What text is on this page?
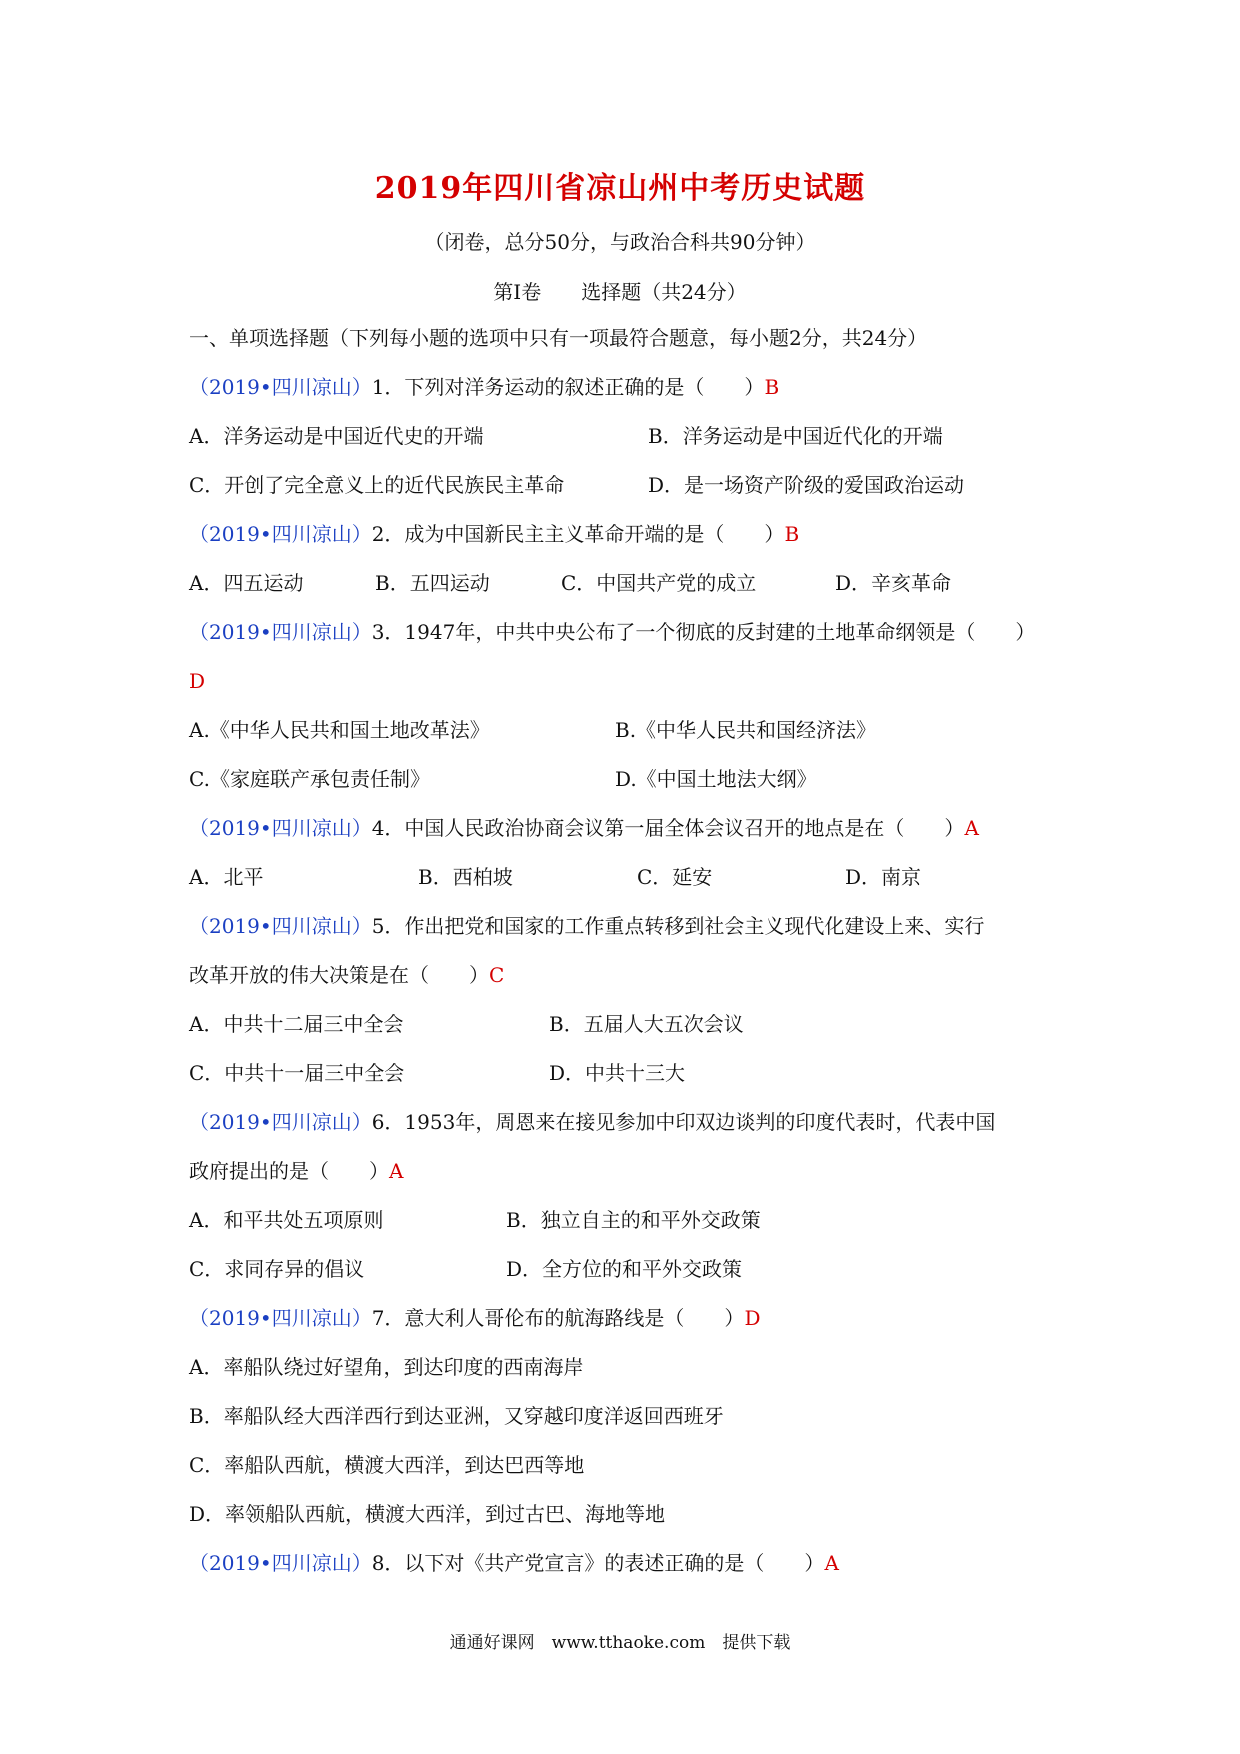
2019年四川省凉山州中考历史试题
（闭卷，总分50分，与政治合科共90分钟）
第Ⅰ卷　　选择题（共24分）
一、单项选择题（下列每小题的选项中只有一项最符合题意，每小题2分，共24分）
（2019•四川凉山）1．下列对洋务运动的叙述正确的是（　　）B
A．洋务运动是中国近代史的开端	B．洋务运动是中国近代化的开端
C．开创了完全意义上的近代民族民主革命	D．是一场资产阶级的爱国政治运动
（2019•四川凉山）2．成为中国新民主主义革命开端的是（　　）B
A．四五运动	B．五四运动	C．中国共产党的成立	D．辛亥革命
（2019•四川凉山）3．1947年，中共中央公布了一个彻底的反封建的土地革命纲领是（　　）
D
A.《中华人民共和国土地改革法》	B.《中华人民共和国经济法》
C.《家庭联产承包责任制》	D.《中国土地法大纲》
（2019•四川凉山）4．中国人民政治协商会议第一届全体会议召开的地点是在（　　）A
A．北平	B．西柏坡	C．延安	D．南京
（2019•四川凉山）5．作出把党和国家的工作重点转移到社会主义现代化建设上来、实行
改革开放的伟大决策是在（　　）C
A．中共十二届三中全会	B．五届人大五次会议
C．中共十一届三中全会	D．中共十三大
（2019•四川凉山）6．1953年，周恩来在接见参加中印双边谈判的印度代表时，代表中国
政府提出的是（　　）A
A．和平共处五项原则	B．独立自主的和平外交政策
C．求同存异的倡议	D．全方位的和平外交政策
（2019•四川凉山）7．意大利人哥伦布的航海路线是（　　）D
A．率船队绕过好望角，到达印度的西南海岸
B．率船队经大西洋西行到达亚洲，又穿越印度洋返回西班牙
C．率船队西航，横渡大西洋，到达巴西等地
D．率领船队西航，横渡大西洋，到过古巴、海地等地
（2019•四川凉山）8．以下对《共产党宣言》的表述正确的是（　　）A
通通好课网　www.tthaoke.com　提供下载
